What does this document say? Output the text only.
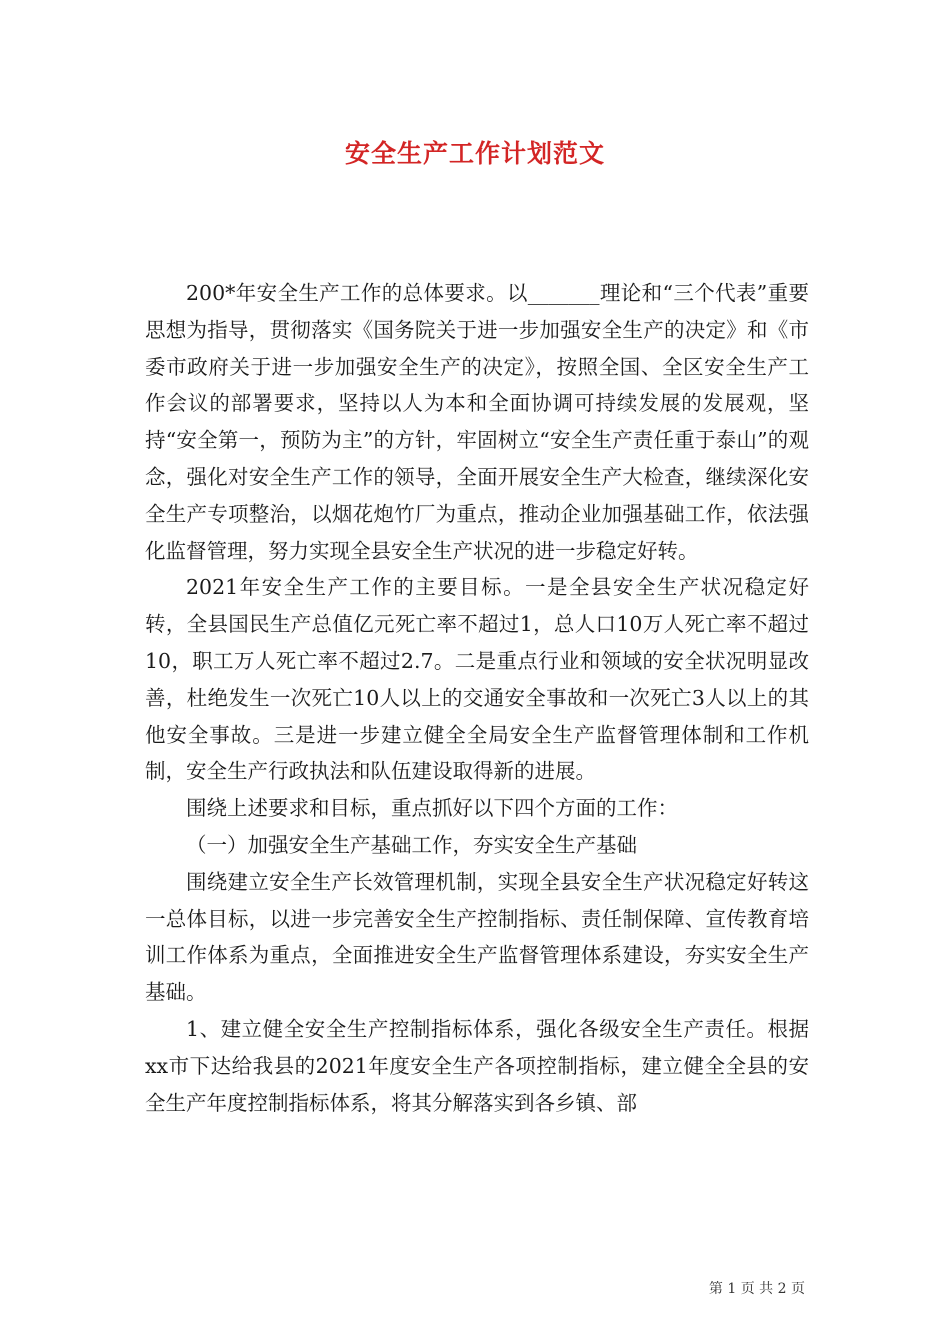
安全生产工作计划范文

200*年安全生产工作的总体要求。以_______理论和“三个代表”重要思想为指导，贯彻落实《国务院关于进一步加强安全生产的决定》和《市委市政府关于进一步加强安全生产的决定》，按照全国、全区安全生产工作会议的部署要求，坚持以人为本和全面协调可持续发展的发展观，坚持“安全第一，预防为主”的方针，牢固树立“安全生产责任重于泰山”的观念，强化对安全生产工作的领导，全面开展安全生产大检查，继续深化安全生产专项整治，以烟花炮竹厂为重点，推动企业加强基础工作，依法强化监督管理，努力实现全县安全生产状况的进一步稳定好转。

2021年安全生产工作的主要目标。一是全县安全生产状况稳定好转，全县国民生产总值亿元死亡率不超过1，总人口10万人死亡率不超过10，职工万人死亡率不超过2.7。二是重点行业和领域的安全状况明显改善，杜绝发生一次死亡10人以上的交通安全事故和一次死亡3人以上的其他安全事故。三是进一步建立健全全局安全生产监督管理体制和工作机制，安全生产行政执法和队伍建设取得新的进展。

围绕上述要求和目标，重点抓好以下四个方面的工作：

（一）加强安全生产基础工作，夯实安全生产基础

围绕建立安全生产长效管理机制，实现全县安全生产状况稳定好转这一总体目标，以进一步完善安全生产控制指标、责任制保障、宣传教育培训工作体系为重点，全面推进安全生产监督管理体系建设，夯实安全生产基础。

1、建立健全安全生产控制指标体系，强化各级安全生产责任。根据xx市下达给我县的2021年度安全生产各项控制指标，建立健全全县的安全生产年度控制指标体系，将其分解落实到各乡镇、部

第 1 页 共 2 页
